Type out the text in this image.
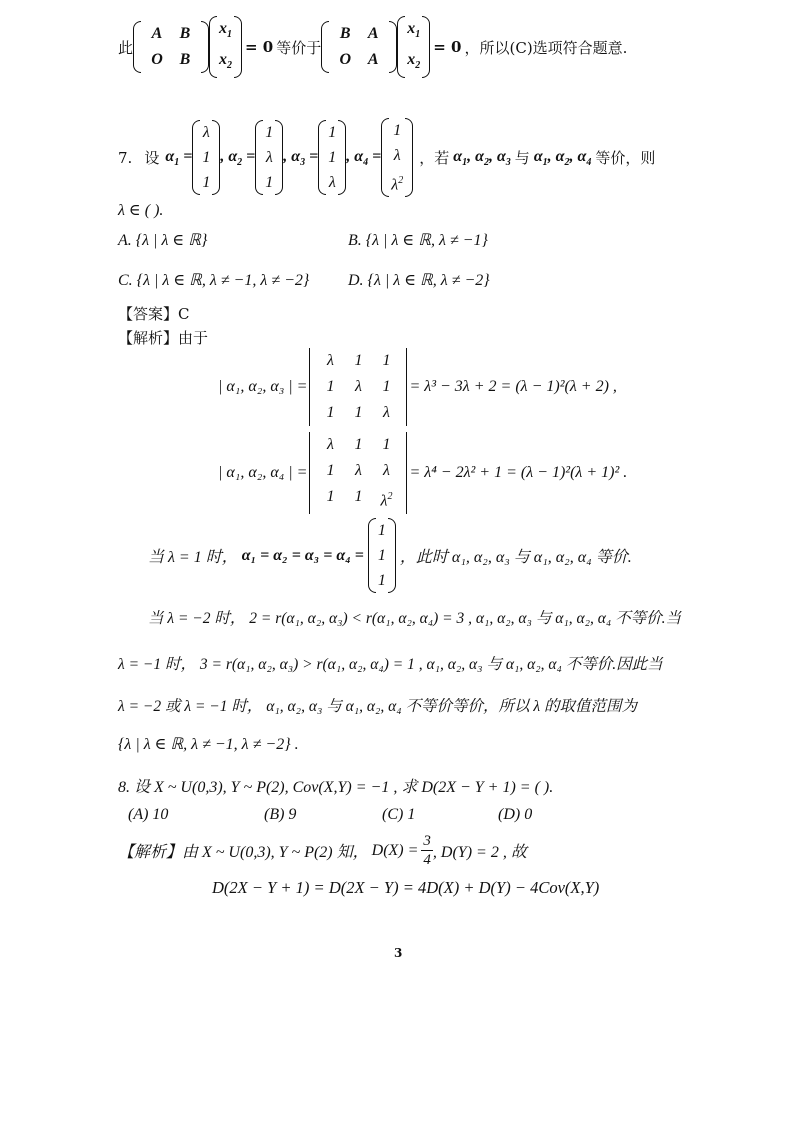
此
A	B
O	B
$x_1$
$x_2$
= 0 等价于
B	A
O	A
$x_1$
$x_2$
= 0 ，所以(C)选项符合题意.
7. 设 $\alpha_1$ =
λ
1
1
, $\alpha_2$ =
1
λ
1
, $\alpha_3$ =
1
1
λ
, $\alpha_4$ =
1
λ
$\lambda^2$
，若 $\alpha_1$, $\alpha_2$, $\alpha_3$ 与 $\alpha_1$, $\alpha_2$, $\alpha_4$ 等价，则
λ ∈ ( ).
A. {λ | λ ∈ ℝ}	B. {λ | λ ∈ ℝ, λ ≠ −1}
C. {λ | λ ∈ ℝ, λ ≠ −1, λ ≠ −2} D. {λ | λ ∈ ℝ, λ ≠ −2}
【答案】C
【解析】由于
| α₁, α₂, α₃ | =
λ	1	1
1	λ	1
1	1	λ
= λ³ − 3λ + 2 = (λ − 1)²(λ + 2) ,
| α₁, α₂, α₄ | =
λ	1	1
1	λ	λ
1	1	$\lambda^2$
= λ⁴ − 2λ² + 1 = (λ − 1)²(λ + 1)² .
当 λ = 1 时， α₁ = α₂ = α₃ = α₄ =
1
1
1
，此时 α₁, α₂, α₃ 与 α₁, α₂, α₄ 等价.
当 λ = −2 时， 2 = r(α₁, α₂, α₃) < r(α₁, α₂, α₄) = 3 , α₁, α₂, α₃ 与 α₁, α₂, α₄ 不等价.当
λ = −1 时， 3 = r(α₁, α₂, α₃) > r(α₁, α₂, α₄) = 1 , α₁, α₂, α₃ 与 α₁, α₂, α₄ 不等价.因此当
λ = −2 或 λ = −1 时， α₁, α₂, α₃ 与 α₁, α₂, α₄ 不等价等价，所以 λ 的取值范围为
{λ | λ ∈ ℝ, λ ≠ −1, λ ≠ −2} .
8. 设 X ~ U(0,3), Y ~ P(2), Cov(X,Y) = −1 , 求 D(2X − Y + 1) = ( ).
(A) 10	(B) 9	(C) 1	(D) 0
【解析】由 X ~ U(0,3), Y ~ P(2) 知， $D(X) = \frac{3}{4}$ , D(Y) = 2 , 故
D(2X − Y + 1) = D(2X − Y) = 4D(X) + D(Y) − 4Cov(X,Y)
3
